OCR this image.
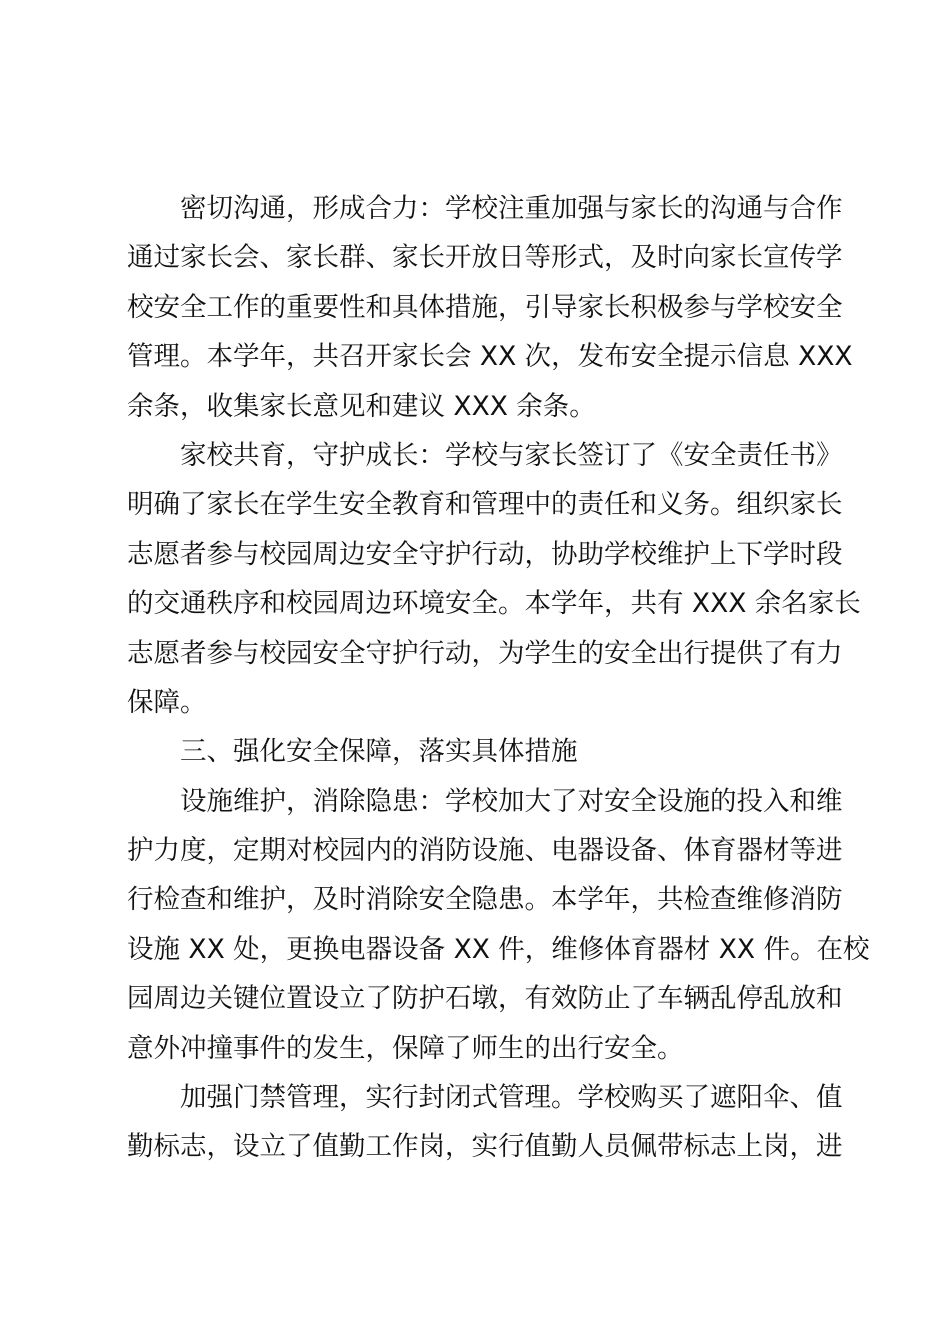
密切沟通，形成合力：学校注重加强与家长的沟通与合作
通过家长会、家长群、家长开放日等形式，及时向家长宣传学
校安全工作的重要性和具体措施，引导家长积极参与学校安全
管理。本学年，共召开家长会 XX 次，发布安全提示信息 XXX
余条，收集家长意见和建议 XXX 余条。

家校共育，守护成长：学校与家长签订了《安全责任书》
明确了家长在学生安全教育和管理中的责任和义务。组织家长
志愿者参与校园周边安全守护行动，协助学校维护上下学时段
的交通秩序和校园周边环境安全。本学年，共有 XXX 余名家长
志愿者参与校园安全守护行动，为学生的安全出行提供了有力
保障。

三、强化安全保障，落实具体措施

设施维护，消除隐患：学校加大了对安全设施的投入和维
护力度，定期对校园内的消防设施、电器设备、体育器材等进
行检查和维护，及时消除安全隐患。本学年，共检查维修消防
设施 XX 处，更换电器设备 XX 件，维修体育器材 XX 件。在校
园周边关键位置设立了防护石墩，有效防止了车辆乱停乱放和
意外冲撞事件的发生，保障了师生的出行安全。

加强门禁管理，实行封闭式管理。学校购买了遮阳伞、值
勤标志，设立了值勤工作岗，实行值勤人员佩带标志上岗，进
